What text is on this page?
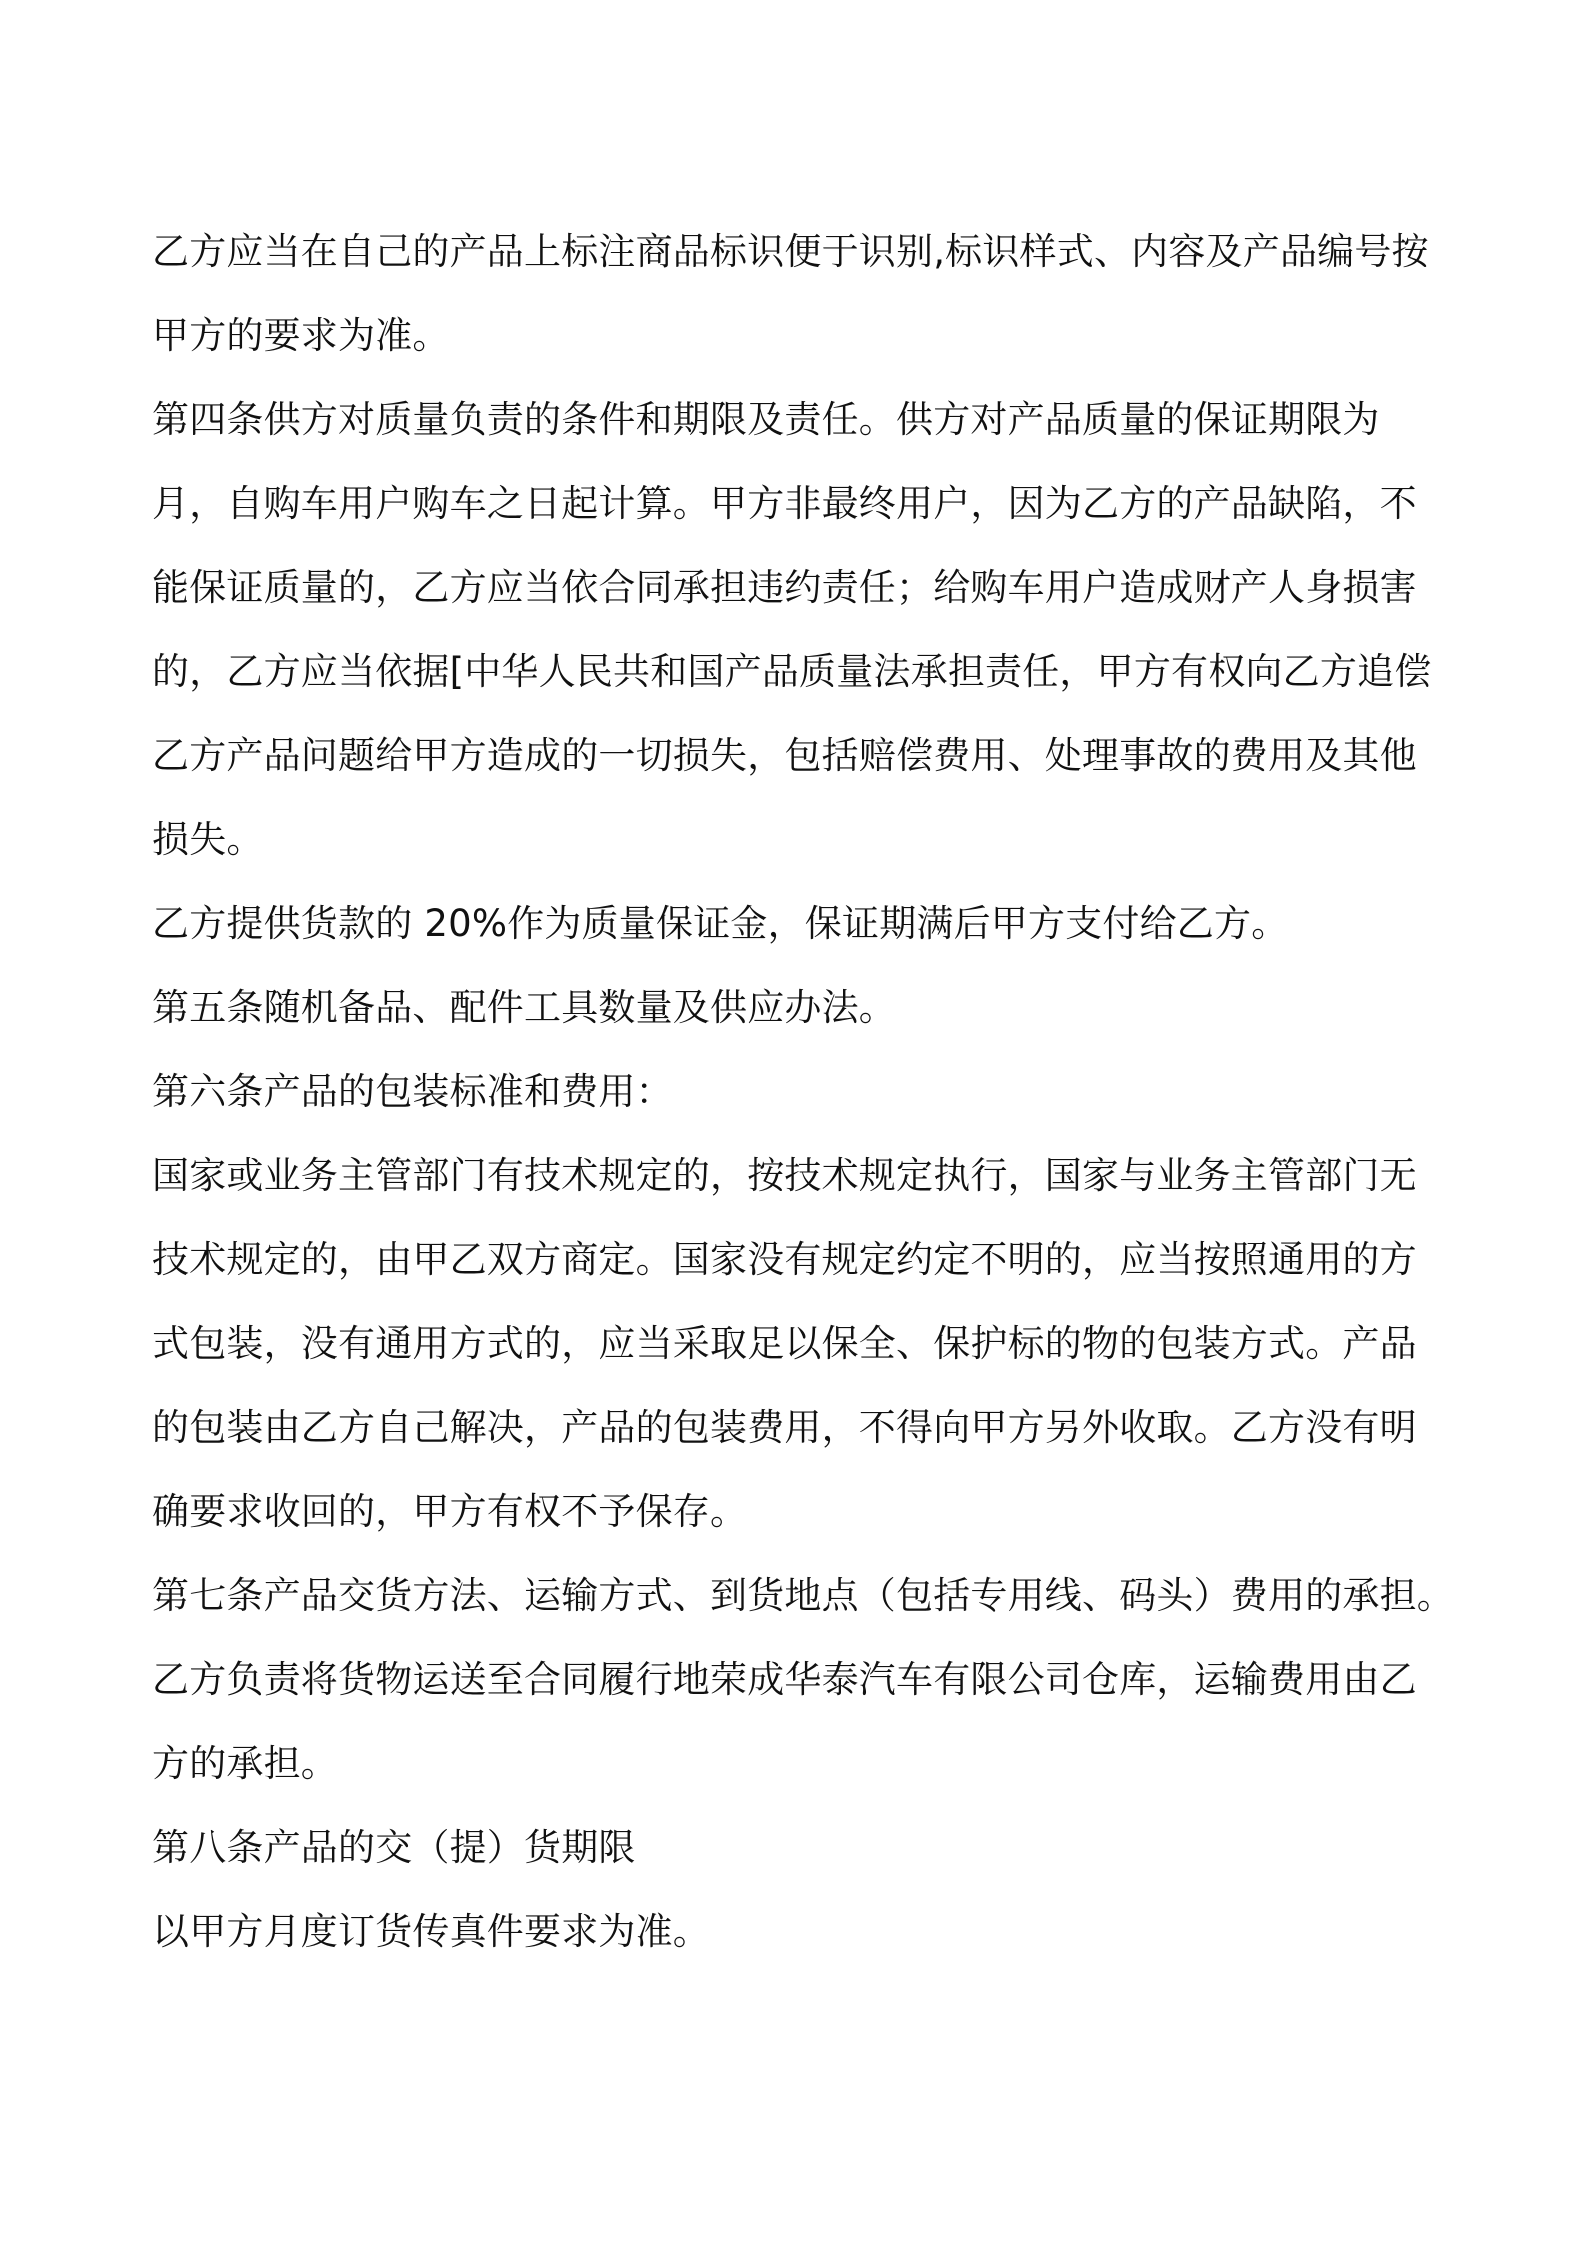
乙方应当在自己的产品上标注商品标识便于识别,标识样式、内容及产品编号按
甲方的要求为准。
第四条供方对质量负责的条件和期限及责任。供方对产品质量的保证期限为
月，自购车用户购车之日起计算。甲方非最终用户，因为乙方的产品缺陷，不
能保证质量的，乙方应当依合同承担违约责任；给购车用户造成财产人身损害
的，乙方应当依据[中华人民共和国产品质量法承担责任，甲方有权向乙方追偿
乙方产品问题给甲方造成的一切损失，包括赔偿费用、处理事故的费用及其他
损失。
乙方提供货款的 20%作为质量保证金，保证期满后甲方支付给乙方。
第五条随机备品、配件工具数量及供应办法。
第六条产品的包装标准和费用：
国家或业务主管部门有技术规定的，按技术规定执行，国家与业务主管部门无
技术规定的，由甲乙双方商定。国家没有规定约定不明的，应当按照通用的方
式包装，没有通用方式的，应当采取足以保全、保护标的物的包装方式。产品
的包装由乙方自己解决，产品的包装费用，不得向甲方另外收取。乙方没有明
确要求收回的，甲方有权不予保存。
第七条产品交货方法、运输方式、到货地点（包括专用线、码头）费用的承担。
乙方负责将货物运送至合同履行地荣成华泰汽车有限公司仓库，运输费用由乙
方的承担。
第八条产品的交（提）货期限
以甲方月度订货传真件要求为准。
